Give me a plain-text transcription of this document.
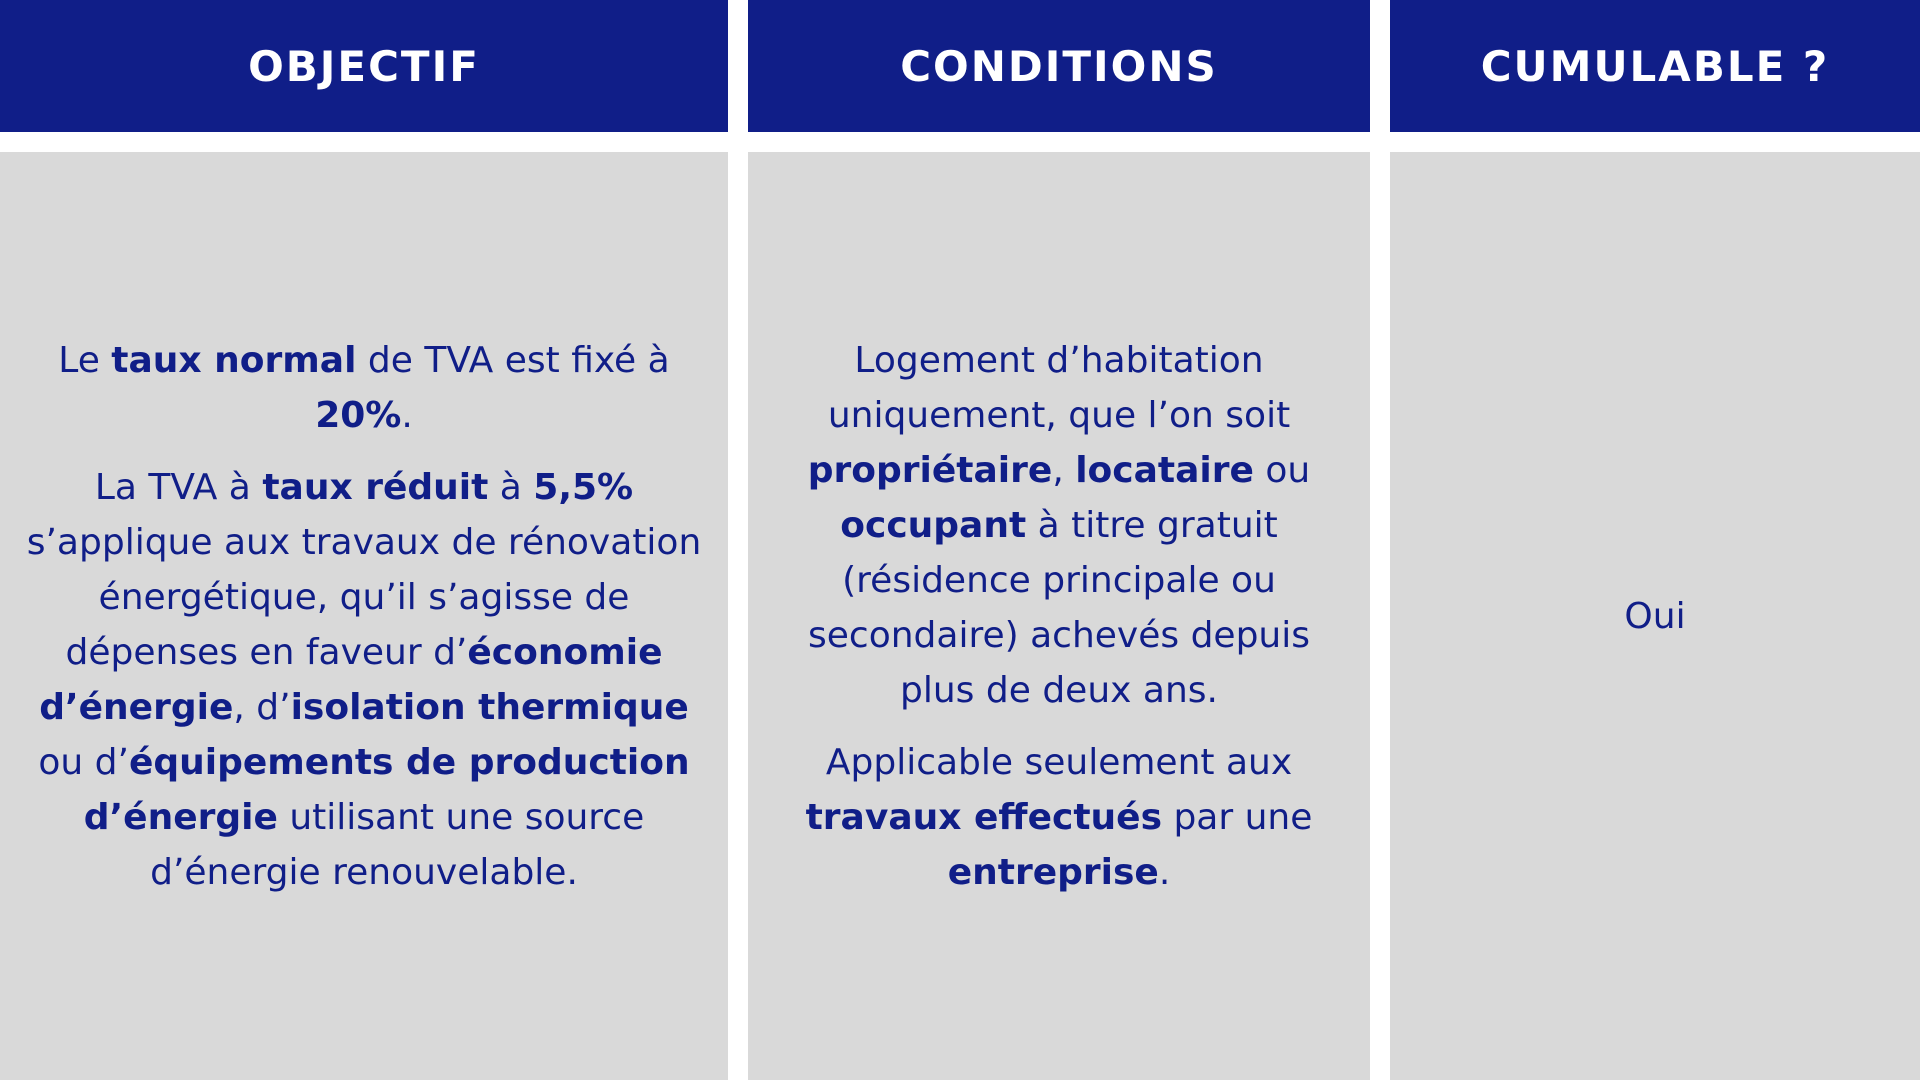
OBJECTIF

Le taux normal de TVA est fixé à 20%.

La TVA à taux réduit à 5,5% s’applique aux travaux de rénovation énergétique, qu’il s’agisse de dépenses en faveur d’économie d’énergie, d’isolation thermique ou d’équipements de production d’énergie utilisant une source d’énergie renouvelable.

CONDITIONS

Logement d’habitation uniquement, que l’on soit propriétaire, locataire ou occupant à titre gratuit (résidence principale ou secondaire) achevés depuis plus de deux ans.

Applicable seulement aux travaux effectués par une entreprise.

CUMULABLE ?

Oui
